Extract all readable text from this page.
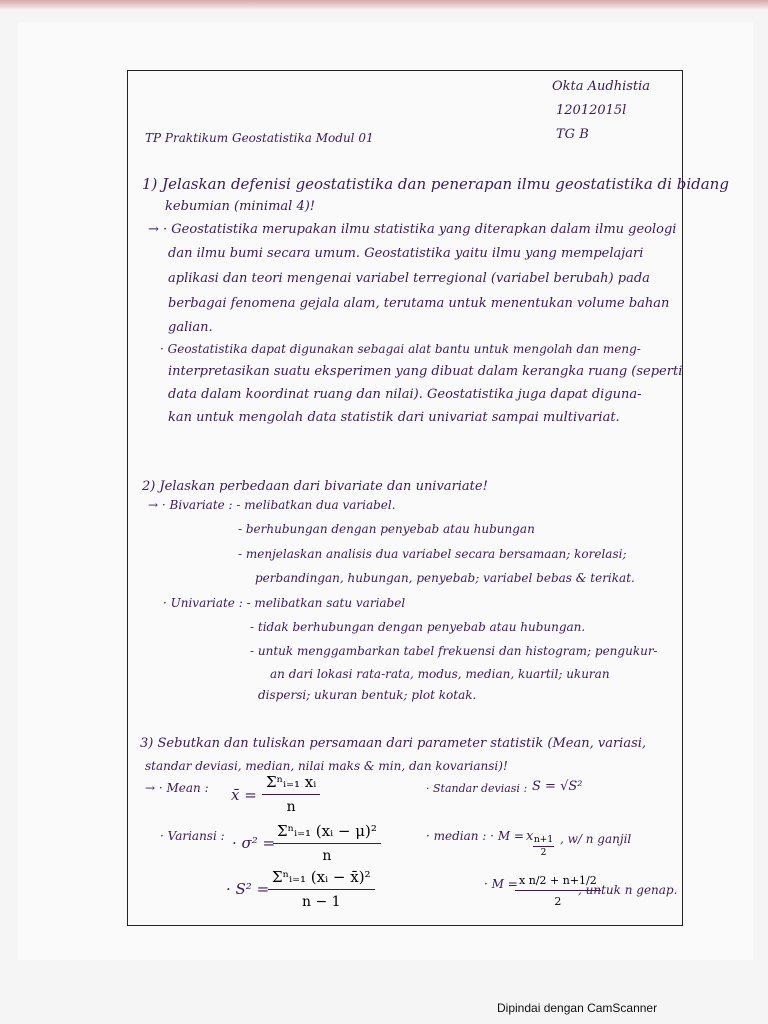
Okta Audhistia
12012015l
TG B
TP Praktikum Geostatistika Modul 01
1) Jelaskan defenisi geostatistika dan penerapan ilmu geostatistika di bidang
kebumian (minimal 4)!
→ · Geostatistika merupakan ilmu statistika yang diterapkan dalam ilmu geologi
dan ilmu bumi secara umum. Geostatistika yaitu ilmu yang mempelajari
aplikasi dan teori mengenai variabel terregional (variabel berubah) pada
berbagai fenomena gejala alam, terutama untuk menentukan volume bahan
galian.
· Geostatistika dapat digunakan sebagai alat bantu untuk mengolah dan meng-
interpretasikan suatu eksperimen yang dibuat dalam kerangka ruang (seperti
data dalam koordinat ruang dan nilai). Geostatistika juga dapat diguna-
kan untuk mengolah data statistik dari univariat sampai multivariat.
2) Jelaskan perbedaan dari bivariate dan univariate!
→ · Bivariate : - melibatkan dua variabel.
- berhubungan dengan penyebab atau hubungan
- menjelaskan analisis dua variabel secara bersamaan; korelasi;
perbandingan, hubungan, penyebab; variabel bebas & terikat.
· Univariate : - melibatkan satu variabel
- tidak berhubungan dengan penyebab atau hubungan.
- untuk menggambarkan tabel frekuensi dan histogram; pengukur-
an dari lokasi rata-rata, modus, median, kuartil; ukuran
dispersi; ukuran bentuk; plot kotak.
3) Sebutkan dan tuliskan persamaan dari parameter statistik (Mean, variasi,
standar deviasi, median, nilai maks & min, dan kovariansi)!
→ · Mean : x̄ =
Σⁿᵢ₌₁ xᵢ
n
· Standar deviasi : S = √S²
· Variansi : · σ² =
Σⁿᵢ₌₁ (xᵢ − μ)²
n
· median : · M = x n+1
2
, w/ n ganjil
· S² =
Σⁿᵢ₌₁ (xᵢ − x̄)²
n − 1
· M = x n/2 + n+1/2
2
, untuk n genap.
Dipindai dengan CamScanner
